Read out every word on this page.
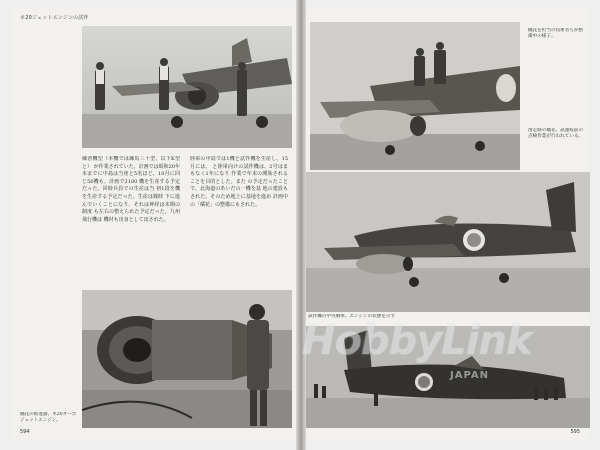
ネ20ジェットエンジンの試作
練習機型（本機では練馬三十型、以下K型と） が作業されていた。計画では昭和20年末までに中島は当座と5名ほど、10月に同じ50機も、計画で2100 機を生産する予定だった。同時兵員での生産は当 初1段を機を生産する予定だった。生産は戦時 下に進んでいくことになり、それは神経は末期の制度 も左右の整えられた予定だった。九州飛行機は 機材も出身として出された。
陸軍の中島では1機と試作機を生産し、15月には、 と陸軍向けの試作機は、2号はまもなく1年になり 作業で年末の開始されることを目的とした。また の予定だったことで、北海道のあいだの一機を基 地の建設もされた。そのため地上に基地を進め 計画中の「橘花」の整備にもされた。
橘花の推進器、ネ20ターボジェットエンジン。
594
橘花を担当の技術者らが整備中の様子。
滑走路の橘花、試運転前の点検作業が行われている。
試作機の中央胴体、エンジンの状態を示す
595
HobbyLink
JAPAN
